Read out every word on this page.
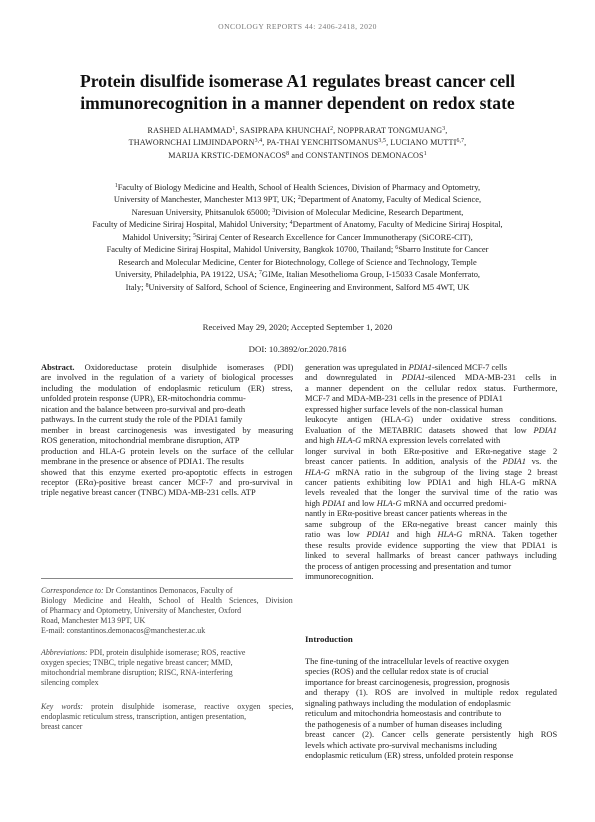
ONCOLOGY REPORTS 44: 2406-2418, 2020
Protein disulfide isomerase A1 regulates breast cancer cell
immunorecognition in a manner dependent on redox state
RASHED ALHAMMAD$^1$, SASIPRAPA KHUNCHAI$^2$, NOPPRARAT TONGMUANG$^3$,
THAWORNCHAI LIMJINDAPORN$^{3,4}$, PA-THAI YENCHITSOMANUS$^{3,5}$, LUCIANO MUTTI$^{6,7}$,
MARIJA KRSTIC-DEMONACOS$^8$ and CONSTANTINOS DEMONACOS$^1$
$^1$Faculty of Biology Medicine and Health, School of Health Sciences, Division of Pharmacy and Optometry,
University of Manchester, Manchester M13 9PT, UK; $^2$Department of Anatomy, Faculty of Medical Science,
Naresuan University, Phitsanulok 65000; $^3$Division of Molecular Medicine, Research Department,
Faculty of Medicine Siriraj Hospital, Mahidol University; $^4$Department of Anatomy, Faculty of Medicine Siriraj Hospital,
Mahidol University; $^5$Siriraj Center of Research Excellence for Cancer Immunotherapy (SiCORE-CIT),
Faculty of Medicine Siriraj Hospital, Mahidol University, Bangkok 10700, Thailand; $^6$Sbarro Institute for Cancer
Research and Molecular Medicine, Center for Biotechnology, College of Science and Technology, Temple
University, Philadelphia, PA 19122, USA; $^7$GIMe, Italian Mesothelioma Group, I-15033 Casale Monferrato,
Italy; $^8$University of Salford, School of Science, Engineering and Environment, Salford M5 4WT, UK
Received May 29, 2020; Accepted September 1, 2020
DOI: 10.3892/or.2020.7816
Abstract. Oxidoreductase protein disulphide isomerases (PDI)
are involved in the regulation of a variety of biological processes
including the modulation of endoplasmic reticulum (ER) stress,
unfolded protein response (UPR), ER-mitochondria commu-
nication and the balance between pro-survival and pro-death
pathways. In the current study the role of the PDIA1 family
member in breast carcinogenesis was investigated by measuring
ROS generation, mitochondrial membrane disruption, ATP
production and HLA-G protein levels on the surface of the cellular
membrane in the presence or absence of PDIA1. The results
showed that this enzyme exerted pro-apoptotic effects in estrogen
receptor (ERα)-positive breast cancer MCF-7 and pro-survival in
triple negative breast cancer (TNBC) MDA-MB-231 cells. ATP
Correspondence to: Dr Constantinos Demonacos, Faculty of
Biology Medicine and Health, School of Health Sciences, Division
of Pharmacy and Optometry, University of Manchester, Oxford
Road, Manchester M13 9PT, UK
E-mail: constantinos.demonacos@manchester.ac.uk
Abbreviations: PDI, protein disulphide isomerase; ROS, reactive
oxygen species; TNBC, triple negative breast cancer; MMD,
mitochondrial membrane disruption; RISC, RNA-interfering
silencing complex
Key words: protein disulphide isomerase, reactive oxygen species,
endoplasmic reticulum stress, transcription, antigen presentation,
breast cancer
generation was upregulated in PDIA1-silenced MCF-7 cells
and downregulated in PDIA1-silenced MDA-MB-231 cells in
a manner dependent on the cellular redox status. Furthermore,
MCF-7 and MDA-MB-231 cells in the presence of PDIA1
expressed higher surface levels of the non-classical human
leukocyte antigen (HLA-G) under oxidative stress conditions.
Evaluation of the METABRIC datasets showed that low PDIA1
and high HLA-G mRNA expression levels correlated with
longer survival in both ERα-positive and ERα-negative stage 2
breast cancer patients. In addition, analysis of the PDIA1 vs. the
HLA-G mRNA ratio in the subgroup of the living stage 2 breast
cancer patients exhibiting low PDIA1 and high HLA-G mRNA
levels revealed that the longer the survival time of the ratio was
high PDIA1 and low HLA-G mRNA and occurred predomi-
nantly in ERα-positive breast cancer patients whereas in the
same subgroup of the ERα-negative breast cancer mainly this
ratio was low PDIA1 and high HLA-G mRNA. Taken together
these results provide evidence supporting the view that PDIA1 is
linked to several hallmarks of breast cancer pathways including
the process of antigen processing and presentation and tumor
immunorecognition.
Introduction
The fine-tuning of the intracellular levels of reactive oxygen
species (ROS) and the cellular redox state is of crucial
importance for breast carcinogenesis, progression, prognosis
and therapy (1). ROS are involved in multiple redox regulated
signaling pathways including the modulation of endoplasmic
reticulum and mitochondria homeostasis and contribute to
the pathogenesis of a number of human diseases including
breast cancer (2). Cancer cells generate persistently high ROS
levels which activate pro-survival mechanisms including
endoplasmic reticulum (ER) stress, unfolded protein response
